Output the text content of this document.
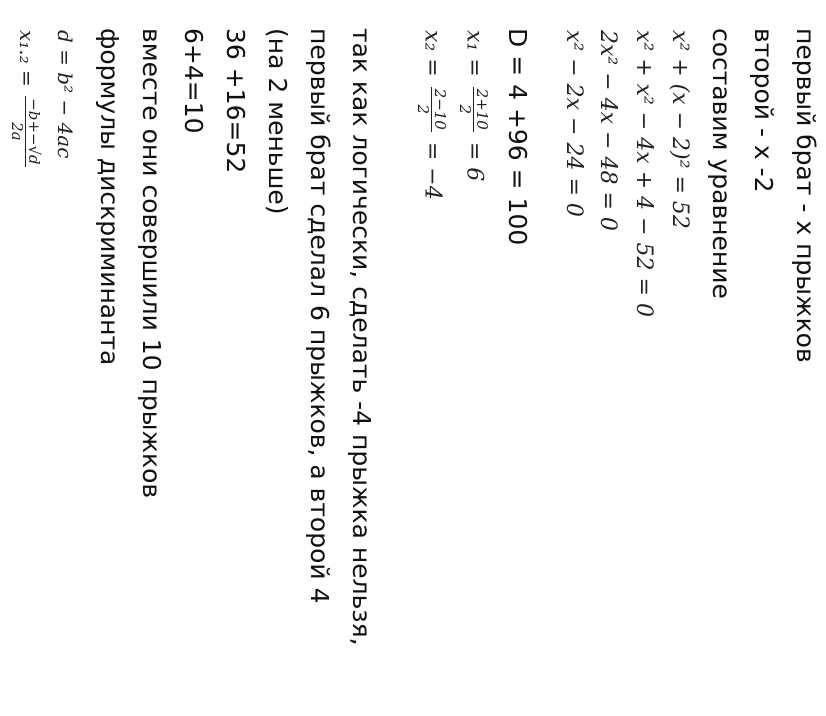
первый брат - х прыжков
второй - х -2
составим уравнение
x² + (x − 2)² = 52
x² + x² − 4x + 4 − 52 = 0
2x² − 4x − 48 = 0
x² − 2x − 24 = 0
D = 4 +96 = 100
x₁ =
2+10
2
= 6
x₂ =
2−10
2
= −4
так как логически, сделать -4 прыжка нельзя,
первый брат сделал 6 прыжков, а второй 4
(на 2 меньше)
36 +16=52
6+4=10
вместе они совершили 10 прыжков
формулы дискриминанта
d = b² − 4ac
x₁.₂ =
−b+−√d
2a
